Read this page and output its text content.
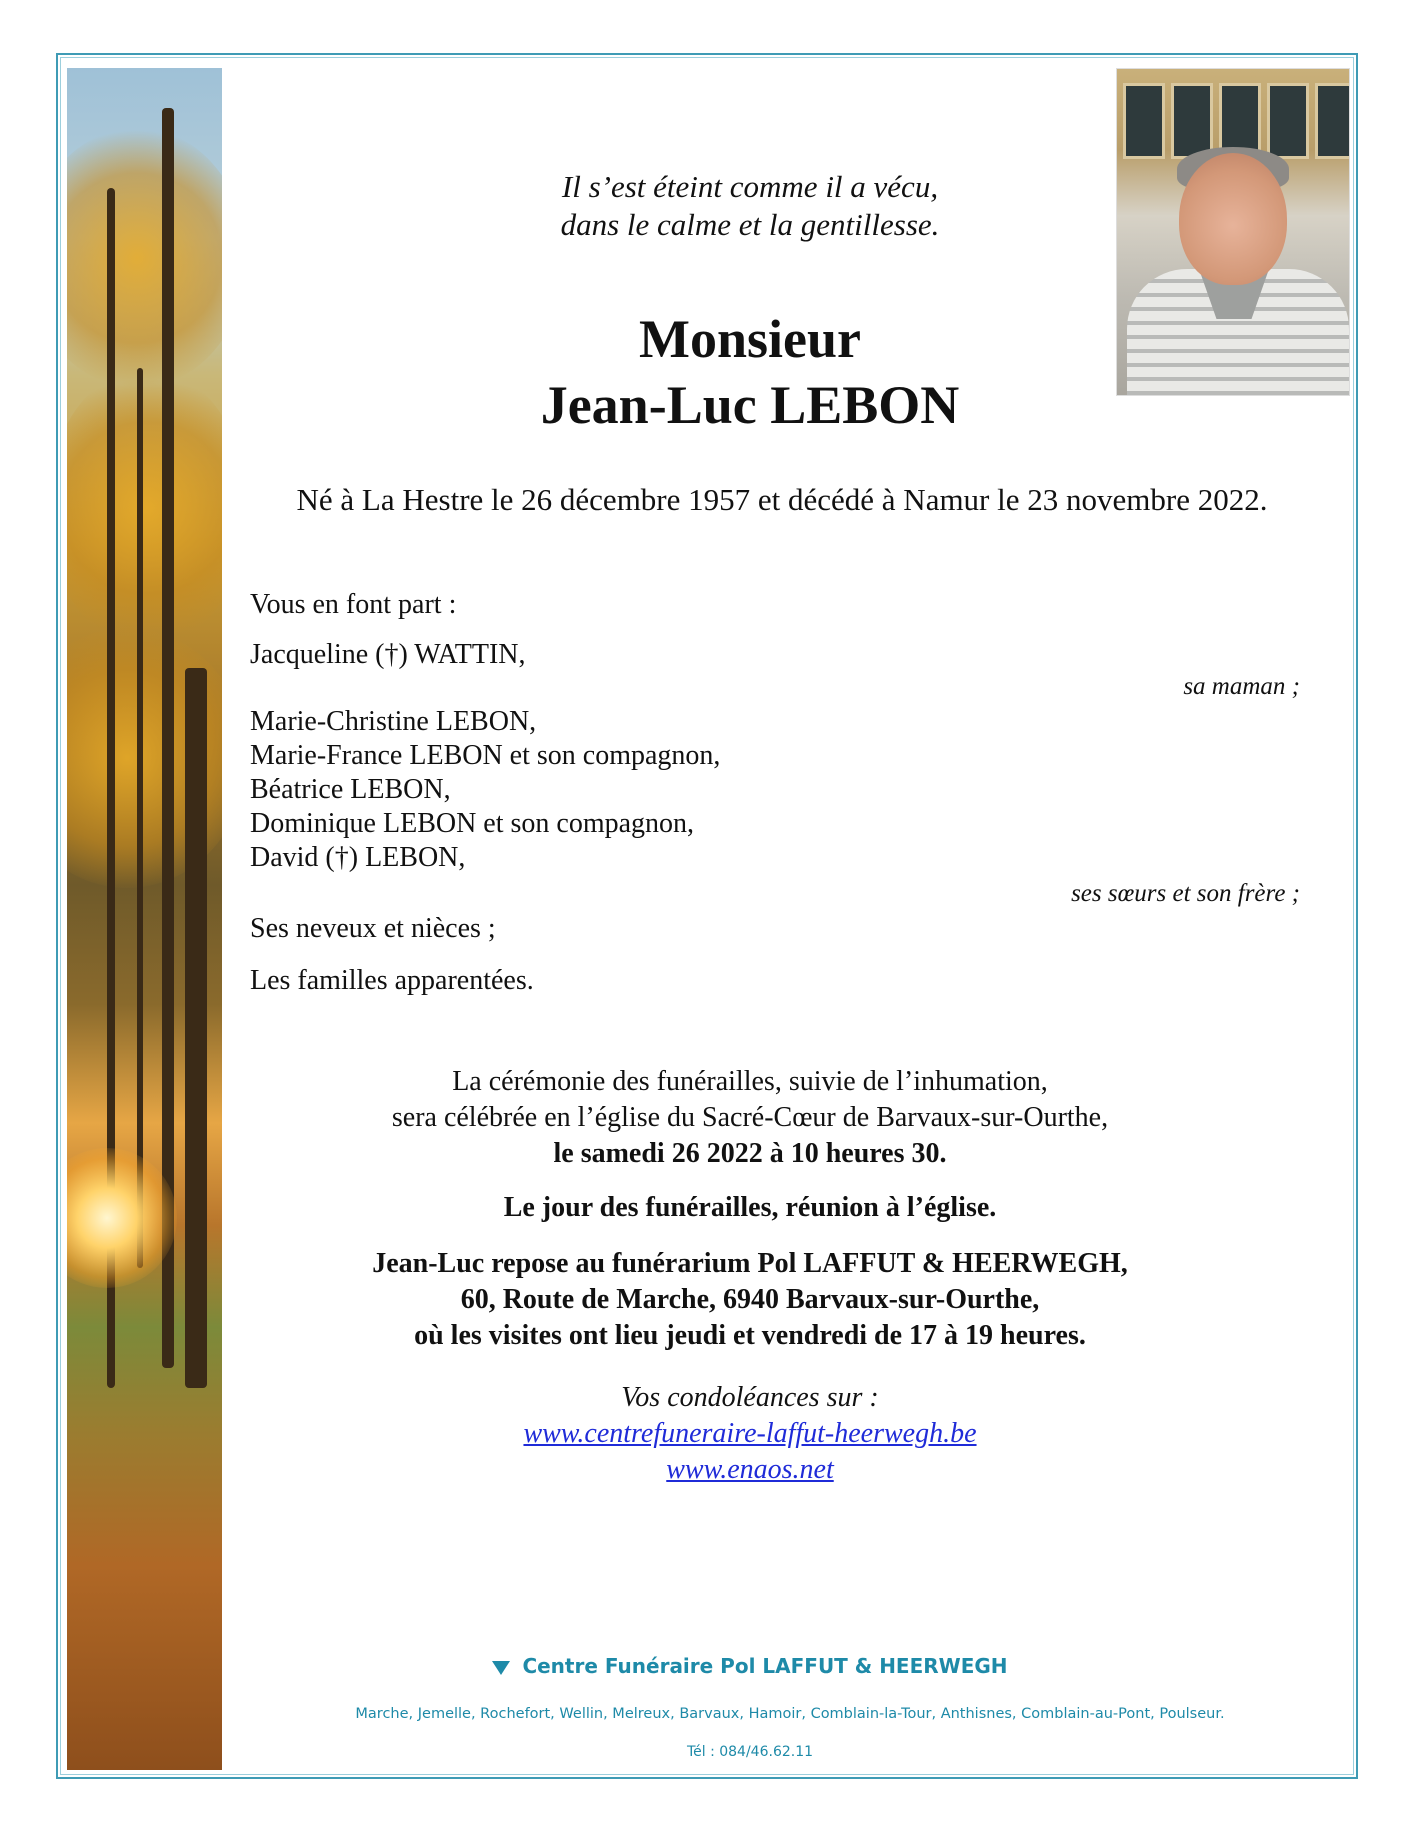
Il s’est éteint comme il a vécu,
dans le calme et la gentillesse.
Monsieur
Jean-Luc LEBON
Né à La Hestre le 26 décembre 1957 et décédé à Namur le 23 novembre 2022.
Vous en font part :
Jacqueline (†) WATTIN,
sa maman ;
Marie-Christine LEBON,
Marie-France LEBON et son compagnon,
Béatrice LEBON,
Dominique LEBON et son compagnon,
David (†) LEBON,
ses sœurs et son frère ;
Ses neveux et nièces ;
Les familles apparentées.
La cérémonie des funérailles, suivie de l’inhumation,
sera célébrée en l’église du Sacré-Cœur de Barvaux-sur-Ourthe,
le samedi 26 2022 à 10 heures 30.
Le jour des funérailles, réunion à l’église.
Jean-Luc repose au funérarium Pol LAFFUT & HEERWEGH,
60, Route de Marche, 6940 Barvaux-sur-Ourthe,
où les visites ont lieu jeudi et vendredi de 17 à 19 heures.
Vos condoléances sur :
www.centrefuneraire-laffut-heerwegh.be
www.enaos.net
Centre Funéraire Pol LAFFUT & HEERWEGH
Marche, Jemelle, Rochefort, Wellin, Melreux, Barvaux, Hamoir, Comblain-la-Tour, Anthisnes, Comblain-au-Pont, Poulseur.
Tél : 084/46.62.11
